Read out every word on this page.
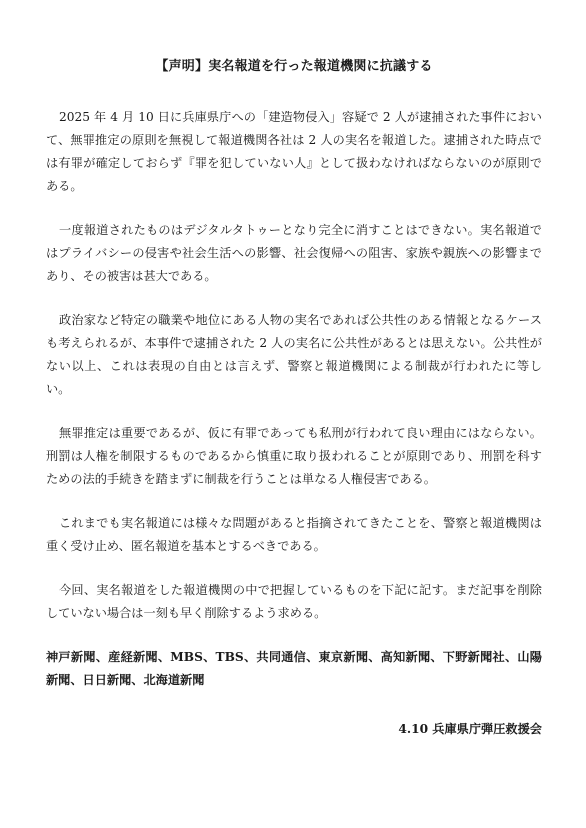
【声明】実名報道を行った報道機関に抗議する

2025 年 4 月 10 日に兵庫県庁への「建造物侵入」容疑で 2 人が逮捕された事件において、無罪推定の原則を無視して報道機関各社は 2 人の実名を報道した。逮捕された時点では有罪が確定しておらず『罪を犯していない人』として扱わなければならないのが原則である。

一度報道されたものはデジタルタトゥーとなり完全に消すことはできない。実名報道ではプライバシーの侵害や社会生活への影響、社会復帰への阻害、家族や親族への影響まであり、その被害は甚大である。

政治家など特定の職業や地位にある人物の実名であれば公共性のある情報となるケースも考えられるが、本事件で逮捕された 2 人の実名に公共性があるとは思えない。公共性がない以上、これは表現の自由とは言えず、警察と報道機関による制裁が行われたに等しい。

無罪推定は重要であるが、仮に有罪であっても私刑が行われて良い理由にはならない。刑罰は人権を制限するものであるから慎重に取り扱われることが原則であり、刑罰を科すための法的手続きを踏まずに制裁を行うことは単なる人権侵害である。

これまでも実名報道には様々な問題があると指摘されてきたことを、警察と報道機関は重く受け止め、匿名報道を基本とするべきである。

今回、実名報道をした報道機関の中で把握しているものを下記に記す。まだ記事を削除していない場合は一刻も早く削除するよう求める。

神戸新聞、産経新聞、MBS、TBS、共同通信、東京新聞、高知新聞、下野新聞社、山陽新聞、日日新聞、北海道新聞

4.10 兵庫県庁弾圧救援会
